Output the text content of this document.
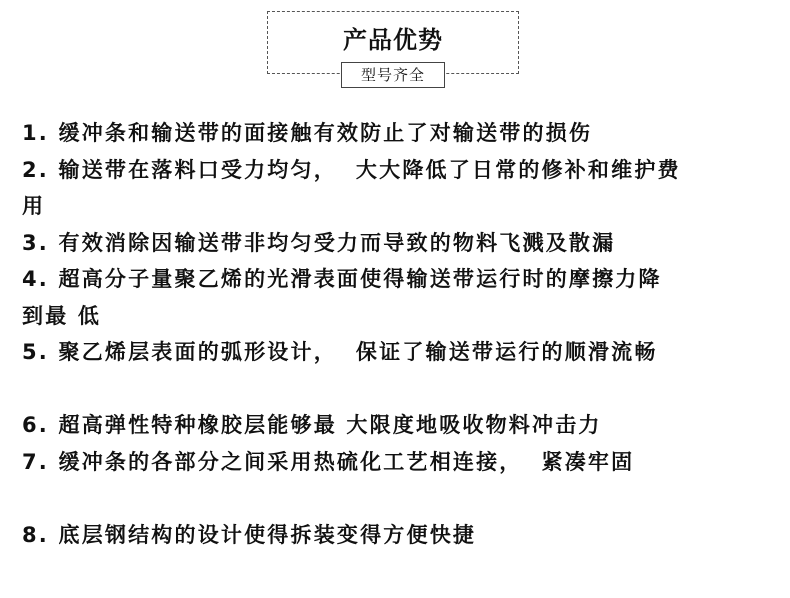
产品优势
型号齐全
1. 缓冲条和输送带的面接触有效防止了对输送带的损伤
2. 输送带在落料口受力均匀，  大大降低了日常的修补和维护费
用
3. 有效消除因输送带非均匀受力而导致的物料飞溅及散漏
4. 超高分子量聚乙烯的光滑表面使得输送带运行时的摩擦力降
到最 低
5. 聚乙烯层表面的弧形设计，  保证了输送带运行的顺滑流畅
6. 超高弹性特种橡胶层能够最 大限度地吸收物料冲击力
7. 缓冲条的各部分之间采用热硫化工艺相连接，  紧凑牢固
8. 底层钢结构的设计使得拆装变得方便快捷
